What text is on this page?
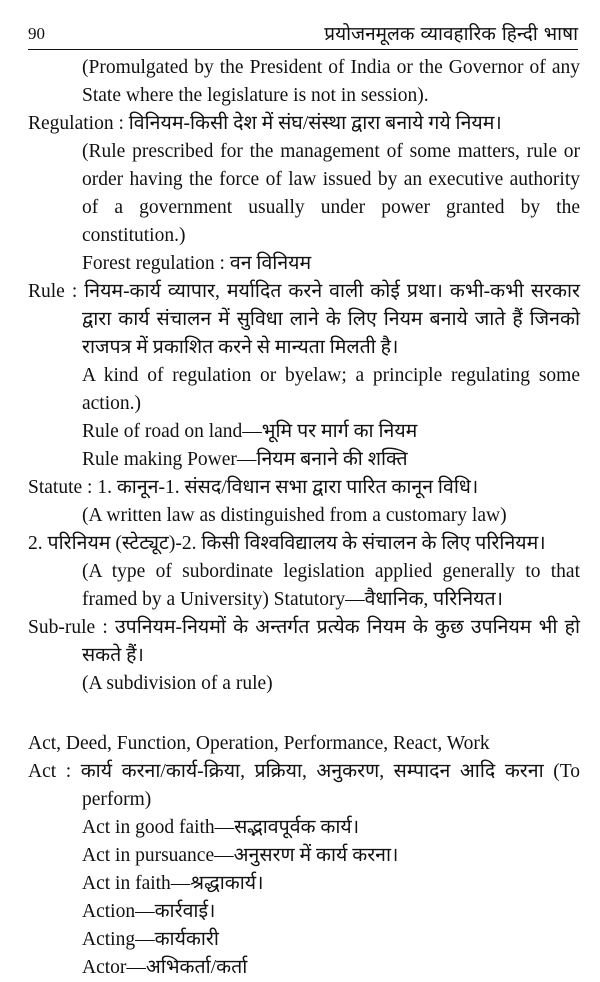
90	प्रयोजनमूलक व्यावहारिक हिन्दी भाषा
(Promulgated by the President of India or the Governor of any State where the legislature is not in session).
Regulation : विनियम-किसी देश में संघ/संस्था द्वारा बनाये गये नियम।
(Rule prescribed for the management of some matters, rule or order having the force of law issued by an executive authority of a government usually under power granted by the constitution.)
Forest regulation : वन विनियम
Rule : नियम-कार्य व्यापार, मर्यादित करने वाली कोई प्रथा। कभी-कभी सरकार द्वारा कार्य संचालन में सुविधा लाने के लिए नियम बनाये जाते हैं जिनको राजपत्र में प्रकाशित करने से मान्यता मिलती है।
A kind of regulation or byelaw; a principle regulating some action.)
Rule of road on land—भूमि पर मार्ग का नियम
Rule making Power—नियम बनाने की शक्ति
Statute : 1. कानून-1. संसद/विधान सभा द्वारा पारित कानून विधि।
(A written law as distinguished from a customary law)
2. परिनियम (स्टेट्यूट)-2. किसी विश्वविद्यालय के संचालन के लिए परिनियम।
(A type of subordinate legislation applied generally to that framed by a University) Statutory—वैधानिक, परिनियत।
Sub-rule : उपनियम-नियमों के अन्तर्गत प्रत्येक नियम के कुछ उपनियम भी हो सकते हैं।
(A subdivision of a rule)
Act, Deed, Function, Operation, Performance, React, Work
Act : कार्य करना/कार्य-क्रिया, प्रक्रिया, अनुकरण, सम्पादन आदि करना (To perform)
Act in good faith—सद्भावपूर्वक कार्य।
Act in pursuance—अनुसरण में कार्य करना।
Act in faith—श्रद्धाकार्य।
Action—कार्रवाई।
Acting—कार्यकारी
Actor—अभिकर्ता/कर्ता
